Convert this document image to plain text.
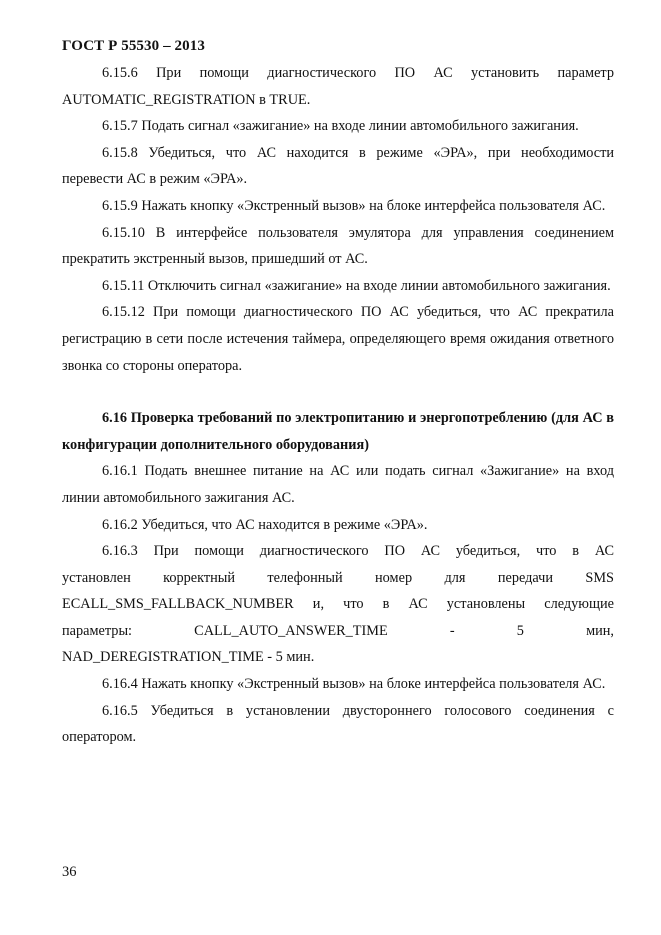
ГОСТ Р 55530 – 2013

6.15.6 При помощи диагностического ПО АС установить параметр AUTOMATIC_REGISTRATION в TRUE.

6.15.7 Подать сигнал «зажигание» на входе линии автомобильного зажигания.

6.15.8 Убедиться, что АС находится в режиме «ЭРА», при необходимости перевести АС в режим «ЭРА».

6.15.9 Нажать кнопку «Экстренный вызов» на блоке интерфейса пользователя АС.

6.15.10 В интерфейсе пользователя эмулятора для управления соединением прекратить экстренный вызов, пришедший от АС.

6.15.11 Отключить сигнал «зажигание» на входе линии автомобильного зажигания.

6.15.12 При помощи диагностического ПО АС убедиться, что АС прекратила регистрацию в сети после истечения таймера, определяющего время ожидания ответного звонка со стороны оператора.

6.16 Проверка требований по электропитанию и энергопотреблению (для АС в конфигурации дополнительного оборудования)

6.16.1 Подать внешнее питание на АС или подать сигнал «Зажигание» на вход линии автомобильного зажигания АС.

6.16.2 Убедиться, что АС находится в режиме «ЭРА».

6.16.3 При помощи диагностического ПО АС убедиться, что в АС
установлен корректный телефонный номер для передачи SMS
ECALL_SMS_FALLBACK_NUMBER и, что в АС установлены следующие
параметры: CALL_AUTO_ANSWER_TIME - 5 мин,
NAD_DEREGISTRATION_TIME - 5 мин.

6.16.4 Нажать кнопку «Экстренный вызов» на блоке интерфейса пользователя АС.

6.16.5 Убедиться в установлении двустороннего голосового соединения с оператором.

36
